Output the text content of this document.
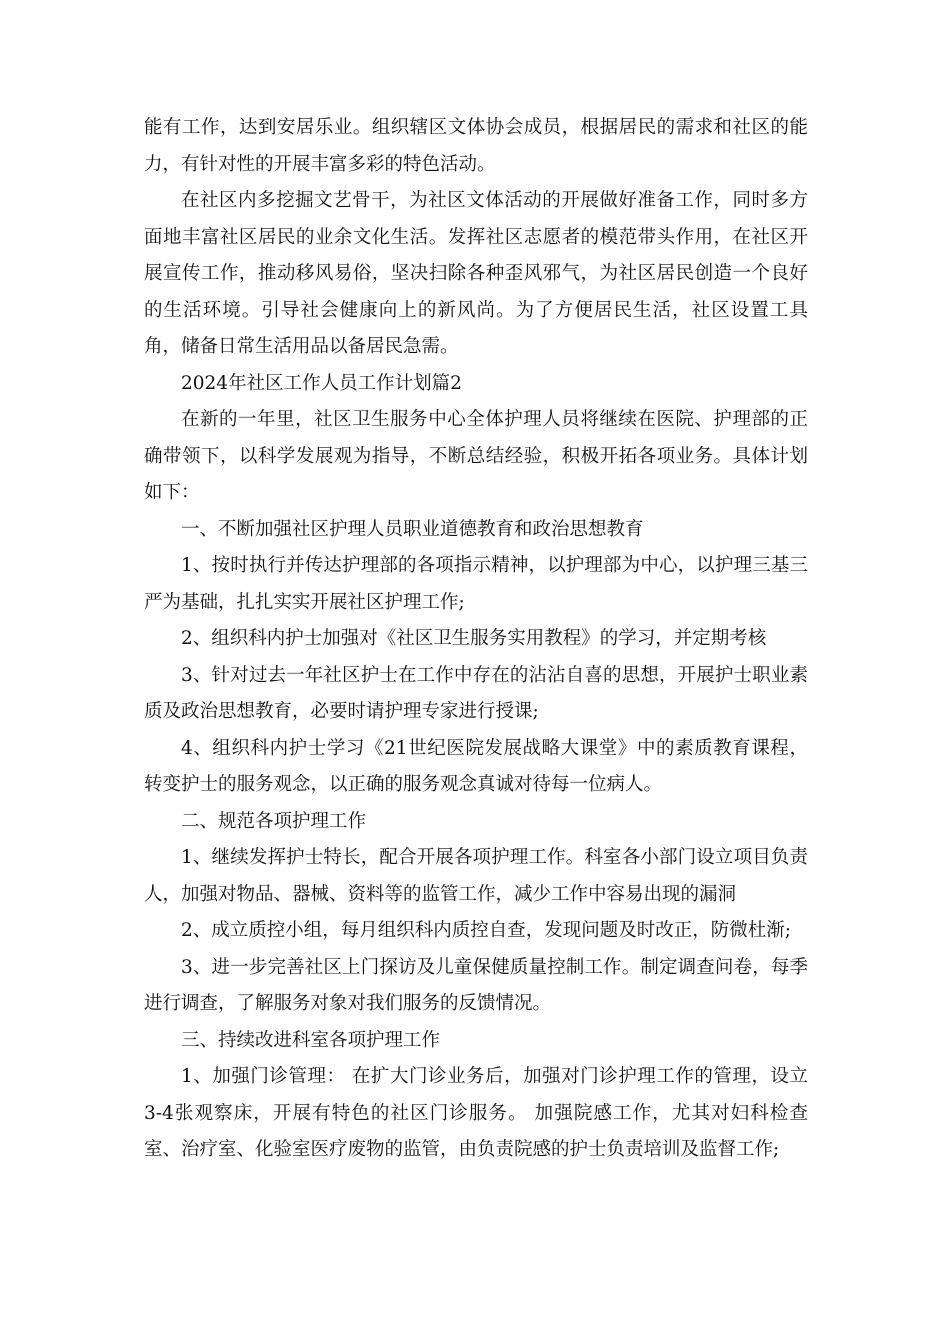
能有工作，达到安居乐业。组织辖区文体协会成员，根据居民的需求和社区的能力，有针对性的开展丰富多彩的特色活动。

在社区内多挖掘文艺骨干，为社区文体活动的开展做好准备工作，同时多方面地丰富社区居民的业余文化生活。发挥社区志愿者的模范带头作用，在社区开展宣传工作，推动移风易俗，坚决扫除各种歪风邪气，为社区居民创造一个良好的生活环境。引导社会健康向上的新风尚。为了方便居民生活，社区设置工具角，储备日常生活用品以备居民急需。

2024年社区工作人员工作计划篇2

在新的一年里，社区卫生服务中心全体护理人员将继续在医院、护理部的正确带领下，以科学发展观为指导，不断总结经验，积极开拓各项业务。具体计划如下：

一、不断加强社区护理人员职业道德教育和政治思想教育

1、按时执行并传达护理部的各项指示精神，以护理部为中心，以护理三基三严为基础，扎扎实实开展社区护理工作;

2、组织科内护士加强对《社区卫生服务实用教程》的学习，并定期考核

3、针对过去一年社区护士在工作中存在的沾沾自喜的思想，开展护士职业素质及政治思想教育，必要时请护理专家进行授课;

4、组织科内护士学习《21世纪医院发展战略大课堂》中的素质教育课程，转变护士的服务观念，以正确的服务观念真诚对待每一位病人。

二、规范各项护理工作

1、继续发挥护士特长，配合开展各项护理工作。科室各小部门设立项目负责人，加强对物品、器械、资料等的监管工作，减少工作中容易出现的漏洞

2、成立质控小组，每月组织科内质控自查，发现问题及时改正，防微杜渐;

3、进一步完善社区上门探访及儿童保健质量控制工作。制定调查问卷，每季进行调查，了解服务对象对我们服务的反馈情况。

三、持续改进科室各项护理工作

1、加强门诊管理： 在扩大门诊业务后，加强对门诊护理工作的管理，设立3-4张观察床，开展有特色的社区门诊服务。 加强院感工作，尤其对妇科检查室、治疗室、化验室医疗废物的监管，由负责院感的护士负责培训及监督工作;
